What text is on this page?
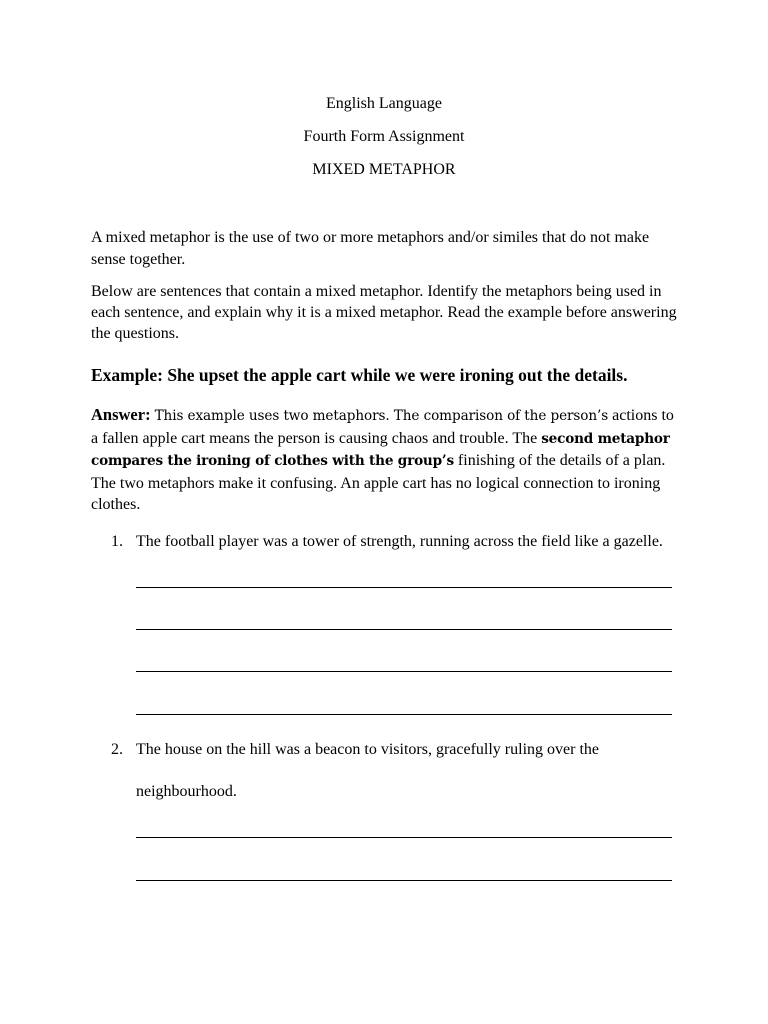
English Language
Fourth Form Assignment
MIXED METAPHOR

A mixed metaphor is the use of two or more metaphors and/or similes that do not make sense together.

Below are sentences that contain a mixed metaphor. Identify the metaphors being used in each sentence, and explain why it is a mixed metaphor. Read the example before answering the questions.

Example: She upset the apple cart while we were ironing out the details.

Answer: This example uses two metaphors. The comparison of the person’s actions to a fallen apple cart means the person is causing chaos and trouble. The second metaphor compares the ironing of clothes with the group’s finishing of the details of a plan. The two metaphors make it confusing. An apple cart has no logical connection to ironing clothes.

1. The football player was a tower of strength, running across the field like a gazelle.

2. The house on the hill was a beacon to visitors, gracefully ruling over the

neighbourhood.
